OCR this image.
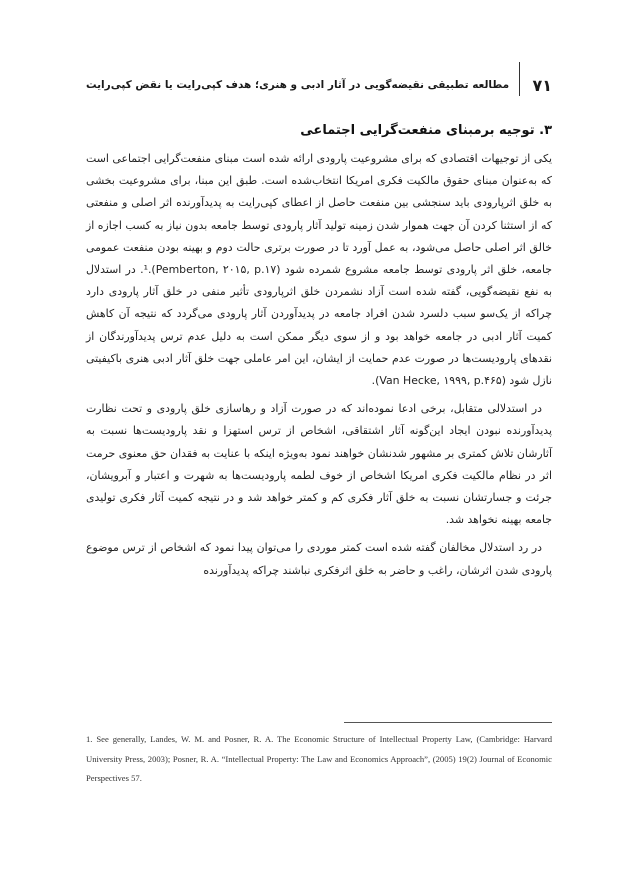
۷۱
مطالعه تطبیقی نقیضه‌گویی در آثار ادبی و هنری؛ هدف کپی‌رایت یا نقض کپی‌رایت
۳. توجیه برمبنای منفعت‌گرایی اجتماعی

یکی از توجیهات اقتصادی که برای مشروعیت پارودی ارائه شده است مبنای منفعت‌گرایی اجتماعی است که به‌عنوان مبنای حقوق مالکیت فکری امریکا انتخاب‌شده است. طبق این مبنا، برای مشروعیت بخشی به خلق اثرپارودی باید سنجشی بین منفعت حاصل از اعطای کپی‌رایت به پدیدآورنده اثر اصلی و منفعتی که از استثنا کردن آن جهت هموار شدن زمینه تولید آثار پارودی توسط جامعه بدون نیاز به کسب اجازه از خالق اثر اصلی حاصل می‌شود، به عمل آورد تا در صورت برتری حالت دوم و بهینه بودن منفعت عمومی جامعه، خلق اثر پارودی توسط جامعه مشروع شمرده شود (Pemberton, ۲۰۱۵, p.۱۷).¹. در استدلال به نفع نقیضه‌گویی، گفته شده است آزاد نشمردن خلق اثرپارودی تأثیر منفی در خلق آثار پارودی دارد چراکه از یک‌سو سبب دلسرد شدن افراد جامعه در پدیدآوردن آثار پارودی می‌گردد که نتیجه آن کاهش کمیت آثار ادبی در جامعه خواهد بود و از سوی دیگر ممکن است به دلیل عدم ترس پدیدآورندگان از نقدهای پارودیست‌ها در صورت عدم حمایت از ایشان، این امر عاملی جهت خلق آثار ادبی هنری باکیفیتی نازل شود (Van Hecke, ۱۹۹۹, p.۴۶۵).

در استدلالی متقابل، برخی ادعا نموده‌اند که در صورت آزاد و رهاسازی خلق پارودی و تحت نظارت پدیدآورنده نبودن ایجاد این‌گونه آثار اشتقاقی، اشخاص از ترس استهزا و نقد پارودیست‌ها نسبت به آثارشان تلاش کمتری بر مشهور شدنشان خواهند نمود به‌ویژه اینکه با عنایت به فقدان حق معنوی حرمت اثر در نظام مالکیت فکری امریکا اشخاص از خوف لطمه پارودیست‌ها به شهرت و اعتبار و آبرویشان، جرئت و جسارتشان نسبت به خلق آثار فکری کم و کمتر خواهد شد و در نتیجه کمیت آثار فکری تولیدی جامعه بهینه نخواهد شد.

در رد استدلال مخالفان گفته شده است کمتر موردی را می‌توان پیدا نمود که اشخاص از ترس موضوع پارودی شدن اثرشان، راغب و حاضر به خلق اثرفکری نباشند چراکه پدیدآورنده

1. See generally, Landes, W. M. and Posner, R. A. The Economic Structure of Intellectual Property Law, (Cambridge: Harvard University Press, 2003); Posner, R. A. “Intellectual Property: The Law and Economics Approach”, (2005) 19(2) Journal of Economic Perspectives 57.
